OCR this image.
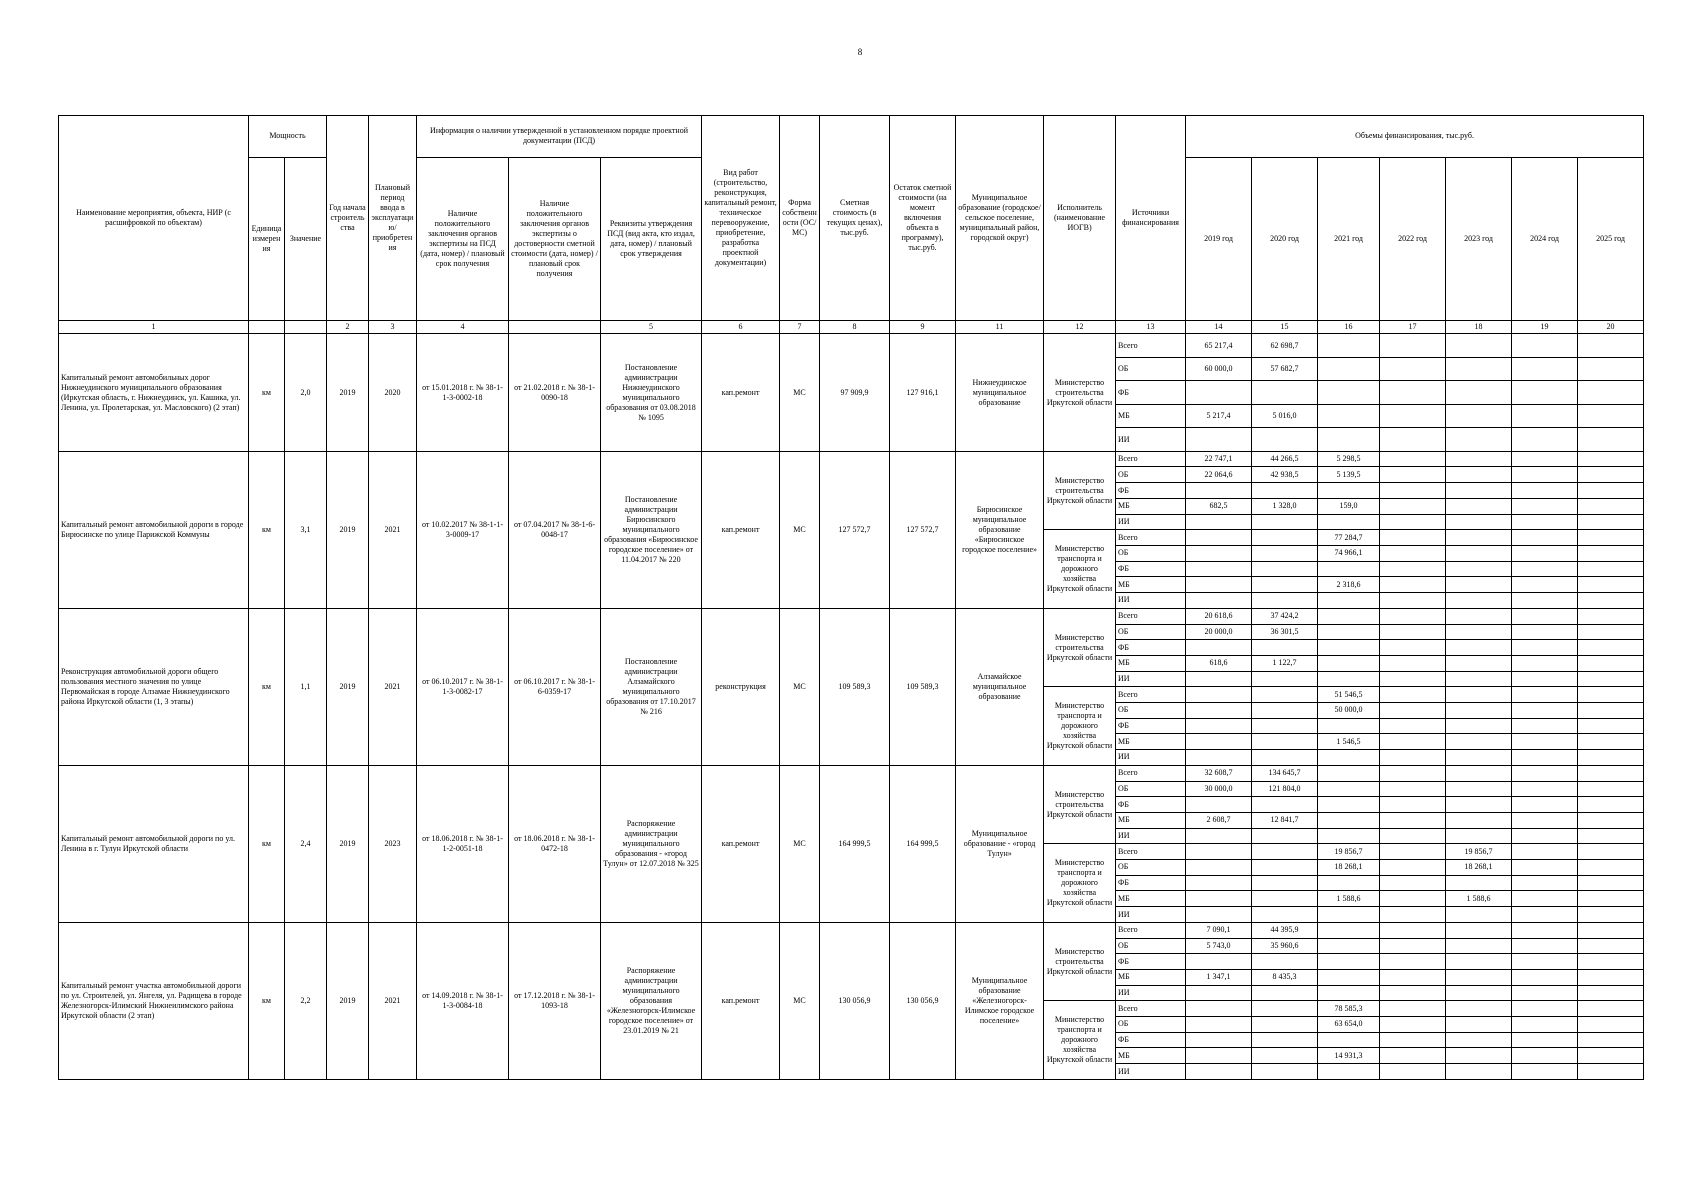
8
Наименование мероприятия, объекта, НИР (с расшифровкой по объектам)	Мощность		Год начала строительства	Плановый период ввода в эксплуатацию/приобретения	Информация о наличии утвержденной в установленном порядке проектной документации (ПСД)			Вид работ (строительство, реконструкция, капитальный ремонт, техническое перевооружение, приобретение, разработка проектной документации)	Форма собственности (ОС/МС)	Сметная стоимость (в текущих ценах), тыс.руб.	Остаток сметной стоимости (на момент включения объекта в программу), тыс.руб.	Муниципальное образование (городское/сельское поселение, муниципальный район, городской округ)	Исполнитель (наименование ИОГВ)	Источники финансирования	Объемы финансирования, тыс.руб.						
	Единица измерения	Значение			Наличие положительного заключения органов экспертизы на ПСД (дата, номер) / плановый срок получения	Наличие положительного заключения органов экспертизы о достоверности сметной стоимости (дата, номер) / плановый срок получения	Реквизиты утверждения ПСД (вид акта, кто издал, дата, номер) / плановый срок утверждения								2019 год	2020 год	2021 год	2022 год	2023 год	2024 год	2025 год
1			2	3	4		5	6	7	8	9	11	12	13	14	15	16	17	18	19	20
Капитальный ремонт автомобильных дорог Нижнеудинского муниципального образования (Иркутская область, г. Нижнеудинск, ул. Кашика, ул. Ленина, ул. Пролетарская, ул. Масловского) (2 этап)	км	2,0	2019	2020	от 15.01.2018 г. № 38-1-1-3-0002-18	от 21.02.2018 г. № 38-1-0090-18	Постановление администрации Нижнеудинского муниципального образования от 03.08.2018 № 1095	кап.ремонт	МС	97 909,9	127 916,1	Нижнеудинское муниципальное образование	Министерство строительства Иркутской области	Всего	65 217,4	62 698,7					
														ОБ	60 000,0	57 682,7					
														ФБ							
														МБ	5 217,4	5 016,0					
														ИИ							
Капитальный ремонт автомобильной дороги в городе Бирюсинске по улице Парижской Коммуны	км	3,1	2019	2021	от 10.02.2017 № 38-1-1-3-0009-17	от 07.04.2017 № 38-1-6-0048-17	Постановление администрации Бирюсинского муниципального образования «Бирюсинское городское поселение» от 11.04.2017 № 220	кап.ремонт	МС	127 572,7	127 572,7	Бирюсинское муниципальное образование «Бирюсинское городское поселение»	Министерство строительства Иркутской области	Всего	22 747,1	44 266,5	5 298,5				
														ОБ	22 064,6	42 938,5	5 139,5				
														ФБ							
														МБ	682,5	1 328,0	159,0				
														ИИ							
													Министерство транспорта и дорожного хозяйства Иркутской области	Всего			77 284,7				
														ОБ			74 966,1				
														ФБ							
														МБ			2 318,6				
														ИИ							
Реконструкция автомобильной дороги общего пользования местного значения по улице Первомайская в городе Алзамае Нижнеудинского района Иркутской области (1, 3 этапы)	км	1,1	2019	2021	от 06.10.2017 г. № 38-1-1-3-0082-17	от 06.10.2017 г. № 38-1-6-0359-17	Постановление администрации Алзамайского муниципального образования от 17.10.2017 № 216	реконструкция	МС	109 589,3	109 589,3	Алзамайское муниципальное образование	Министерство строительства Иркутской области	Всего	20 618,6	37 424,2					
														ОБ	20 000,0	36 301,5					
														ФБ							
														МБ	618,6	1 122,7					
														ИИ							
													Министерство транспорта и дорожного хозяйства Иркутской области	Всего			51 546,5				
														ОБ			50 000,0				
														ФБ							
														МБ			1 546,5				
														ИИ							
Капитальный ремонт автомобильной дороги по ул. Ленина в г. Тулун Иркутской области	км	2,4	2019	2023	от 18.06.2018 г. № 38-1-1-2-0051-18	от 18.06.2018 г. № 38-1-0472-18	Распоряжение администрации муниципального образования - «город Тулун» от 12.07.2018 № 325	кап.ремонт	МС	164 999,5	164 999,5	Муниципальное образование - «город Тулун»	Министерство строительства Иркутской области	Всего	32 608,7	134 645,7					
														ОБ	30 000,0	121 804,0					
														ФБ							
														МБ	2 608,7	12 841,7					
														ИИ							
													Министерство транспорта и дорожного хозяйства Иркутской области	Всего			19 856,7		19 856,7		
														ОБ			18 268,1		18 268,1		
														ФБ							
														МБ			1 588,6		1 588,6		
														ИИ							
Капитальный ремонт участка автомобильной дороги по ул. Строителей, ул. Янгеля, ул. Радищева в городе Железногорск-Илимский Нижнеилимского района Иркутской области (2 этап)	км	2,2	2019	2021	от 14.09.2018 г. № 38-1-1-3-0084-18	от 17.12.2018 г. № 38-1-1093-18	Распоряжение администрации муниципального образования «Железногорск-Илимское городское поселение» от 23.01.2019 № 21	кап.ремонт	МС	130 056,9	130 056,9	Муниципальное образование «Железногорск-Илимское городское поселение»	Министерство строительства Иркутской области	Всего	7 090,1	44 395,9					
														ОБ	5 743,0	35 960,6					
														ФБ							
														МБ	1 347,1	8 435,3					
														ИИ							
													Министерство транспорта и дорожного хозяйства Иркутской области	Всего			78 585,3				
														ОБ			63 654,0				
														ФБ							
														МБ			14 931,3				
														ИИ							
